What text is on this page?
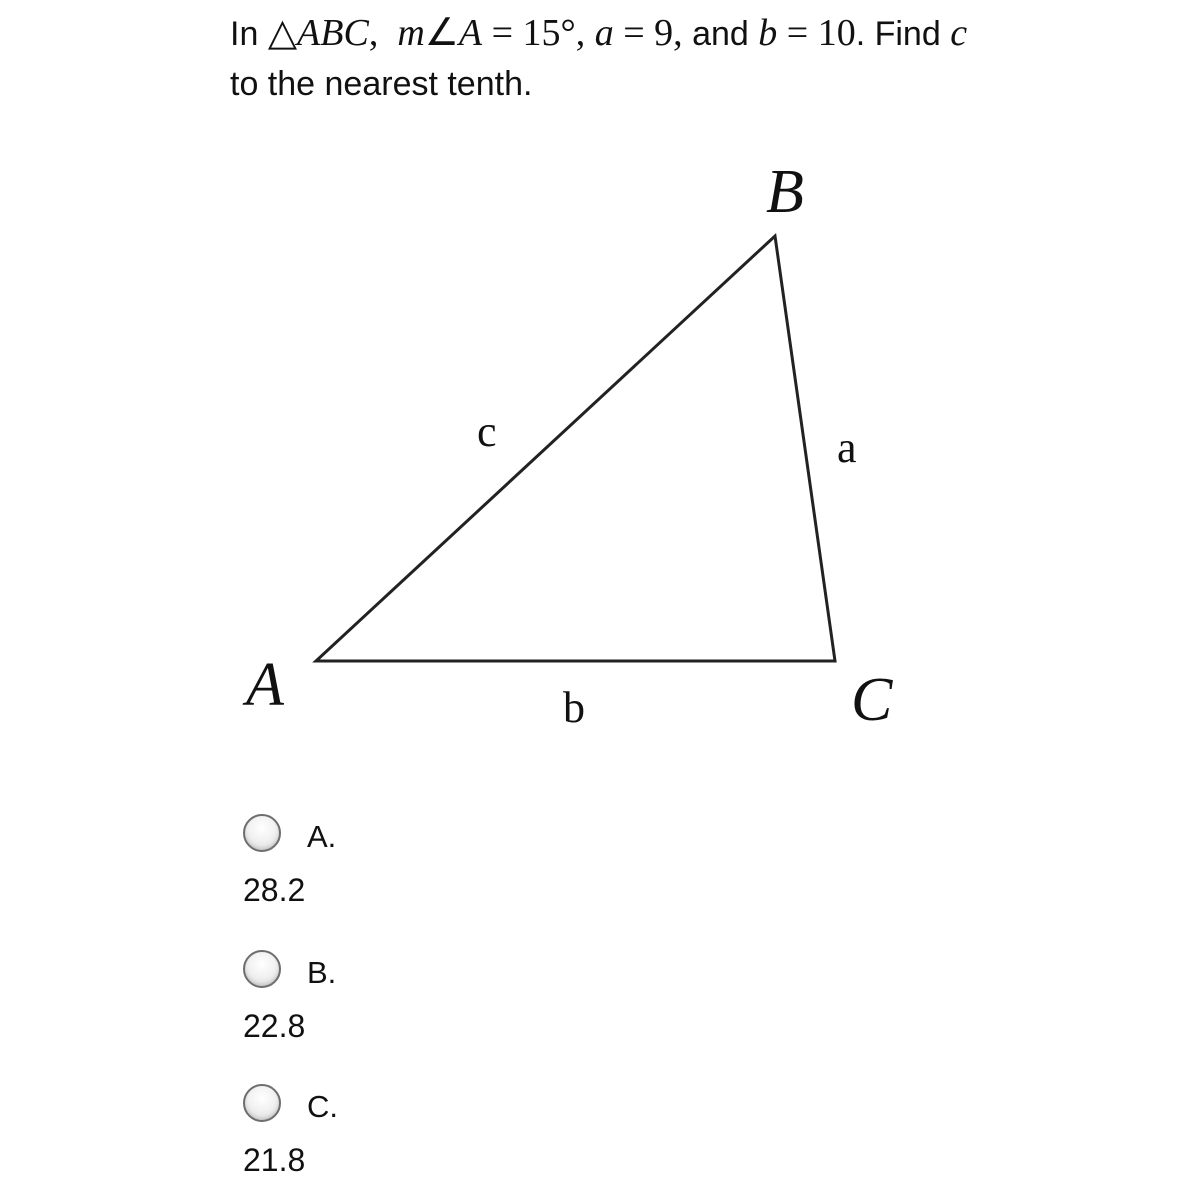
In △ABC, m∠A = 15°, a = 9, and b = 10. Find c
to the nearest tenth.
B
A	C
c	a
b
A.
28.2
B.
22.8
C.
21.8
